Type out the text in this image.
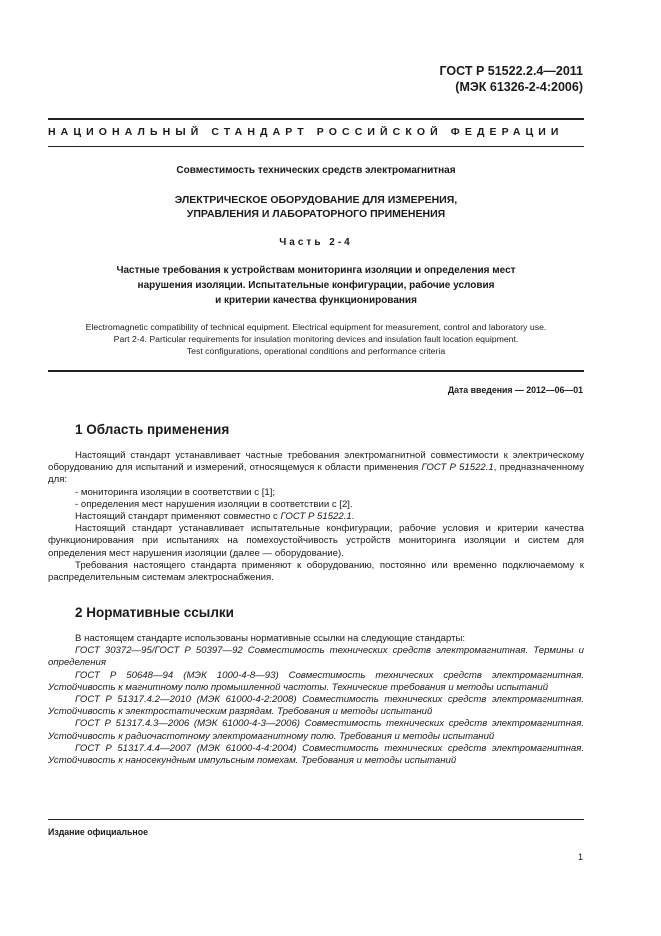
ГОСТ Р 51522.2.4—2011
(МЭК 61326-2-4:2006)
НАЦИОНАЛЬНЫЙ СТАНДАРТ РОССИЙСКОЙ ФЕДЕРАЦИИ
Совместимость технических средств электромагнитная
ЭЛЕКТРИЧЕСКОЕ ОБОРУДОВАНИЕ ДЛЯ ИЗМЕРЕНИЯ,
УПРАВЛЕНИЯ И ЛАБОРАТОРНОГО ПРИМЕНЕНИЯ
Часть 2-4
Частные требования к устройствам мониторинга изоляции и определения мест
нарушения изоляции. Испытательные конфигурации, рабочие условия
и критерии качества функционирования
Electromagnetic compatibility of technical equipment. Electrical equipment for measurement, control and laboratory use.
Part 2-4. Particular requirements for insulation monitoring devices and insulation fault location equipment.
Test configurations, operational conditions and performance criteria
Дата введения — 2012—06—01
1 Область применения

Настоящий стандарт устанавливает частные требования электромагнитной совместимости к электрическому оборудованию для испытаний и измерений, относящемуся к области применения ГОСТ Р 51522.1, предназначенному для:

- мониторинга изоляции в соответствии с [1];

- определения мест нарушения изоляции в соответствии с [2].

Настоящий стандарт применяют совместно с ГОСТ Р 51522.1.

Настоящий стандарт устанавливает испытательные конфигурации, рабочие условия и критерии качества функционирования при испытаниях на помехоустойчивость устройств мониторинга изоляции и систем для определения мест нарушения изоляции (далее — оборудование).

Требования настоящего стандарта применяют к оборудованию, постоянно или временно подключаемому к распределительным системам электроснабжения.

2 Нормативные ссылки

В настоящем стандарте использованы нормативные ссылки на следующие стандарты:

ГОСТ 30372—95/ГОСТ Р 50397—92 Совместимость технических средств электромагнитная. Термины и определения

ГОСТ Р 50648—94 (МЭК 1000-4-8—93) Совместимость технических средств электромагнитная. Устойчивость к магнитному полю промышленной частоты. Технические требования и методы испытаний

ГОСТ Р 51317.4.2—2010 (МЭК 61000-4-2:2008) Совместимость технических средств электромагнитная. Устойчивость к электростатическим разрядам. Требования и методы испытаний

ГОСТ Р 51317.4.3—2006 (МЭК 61000-4-3—2006) Совместимость технических средств электромагнитная. Устойчивость к радиочастотному электромагнитному полю. Требования и методы испытаний

ГОСТ Р 51317.4.4—2007 (МЭК 61000-4-4:2004) Совместимость технических средств электромагнитная. Устойчивость к наносекундным импульсным помехам. Требования и методы испытаний

Издание официальное
1
